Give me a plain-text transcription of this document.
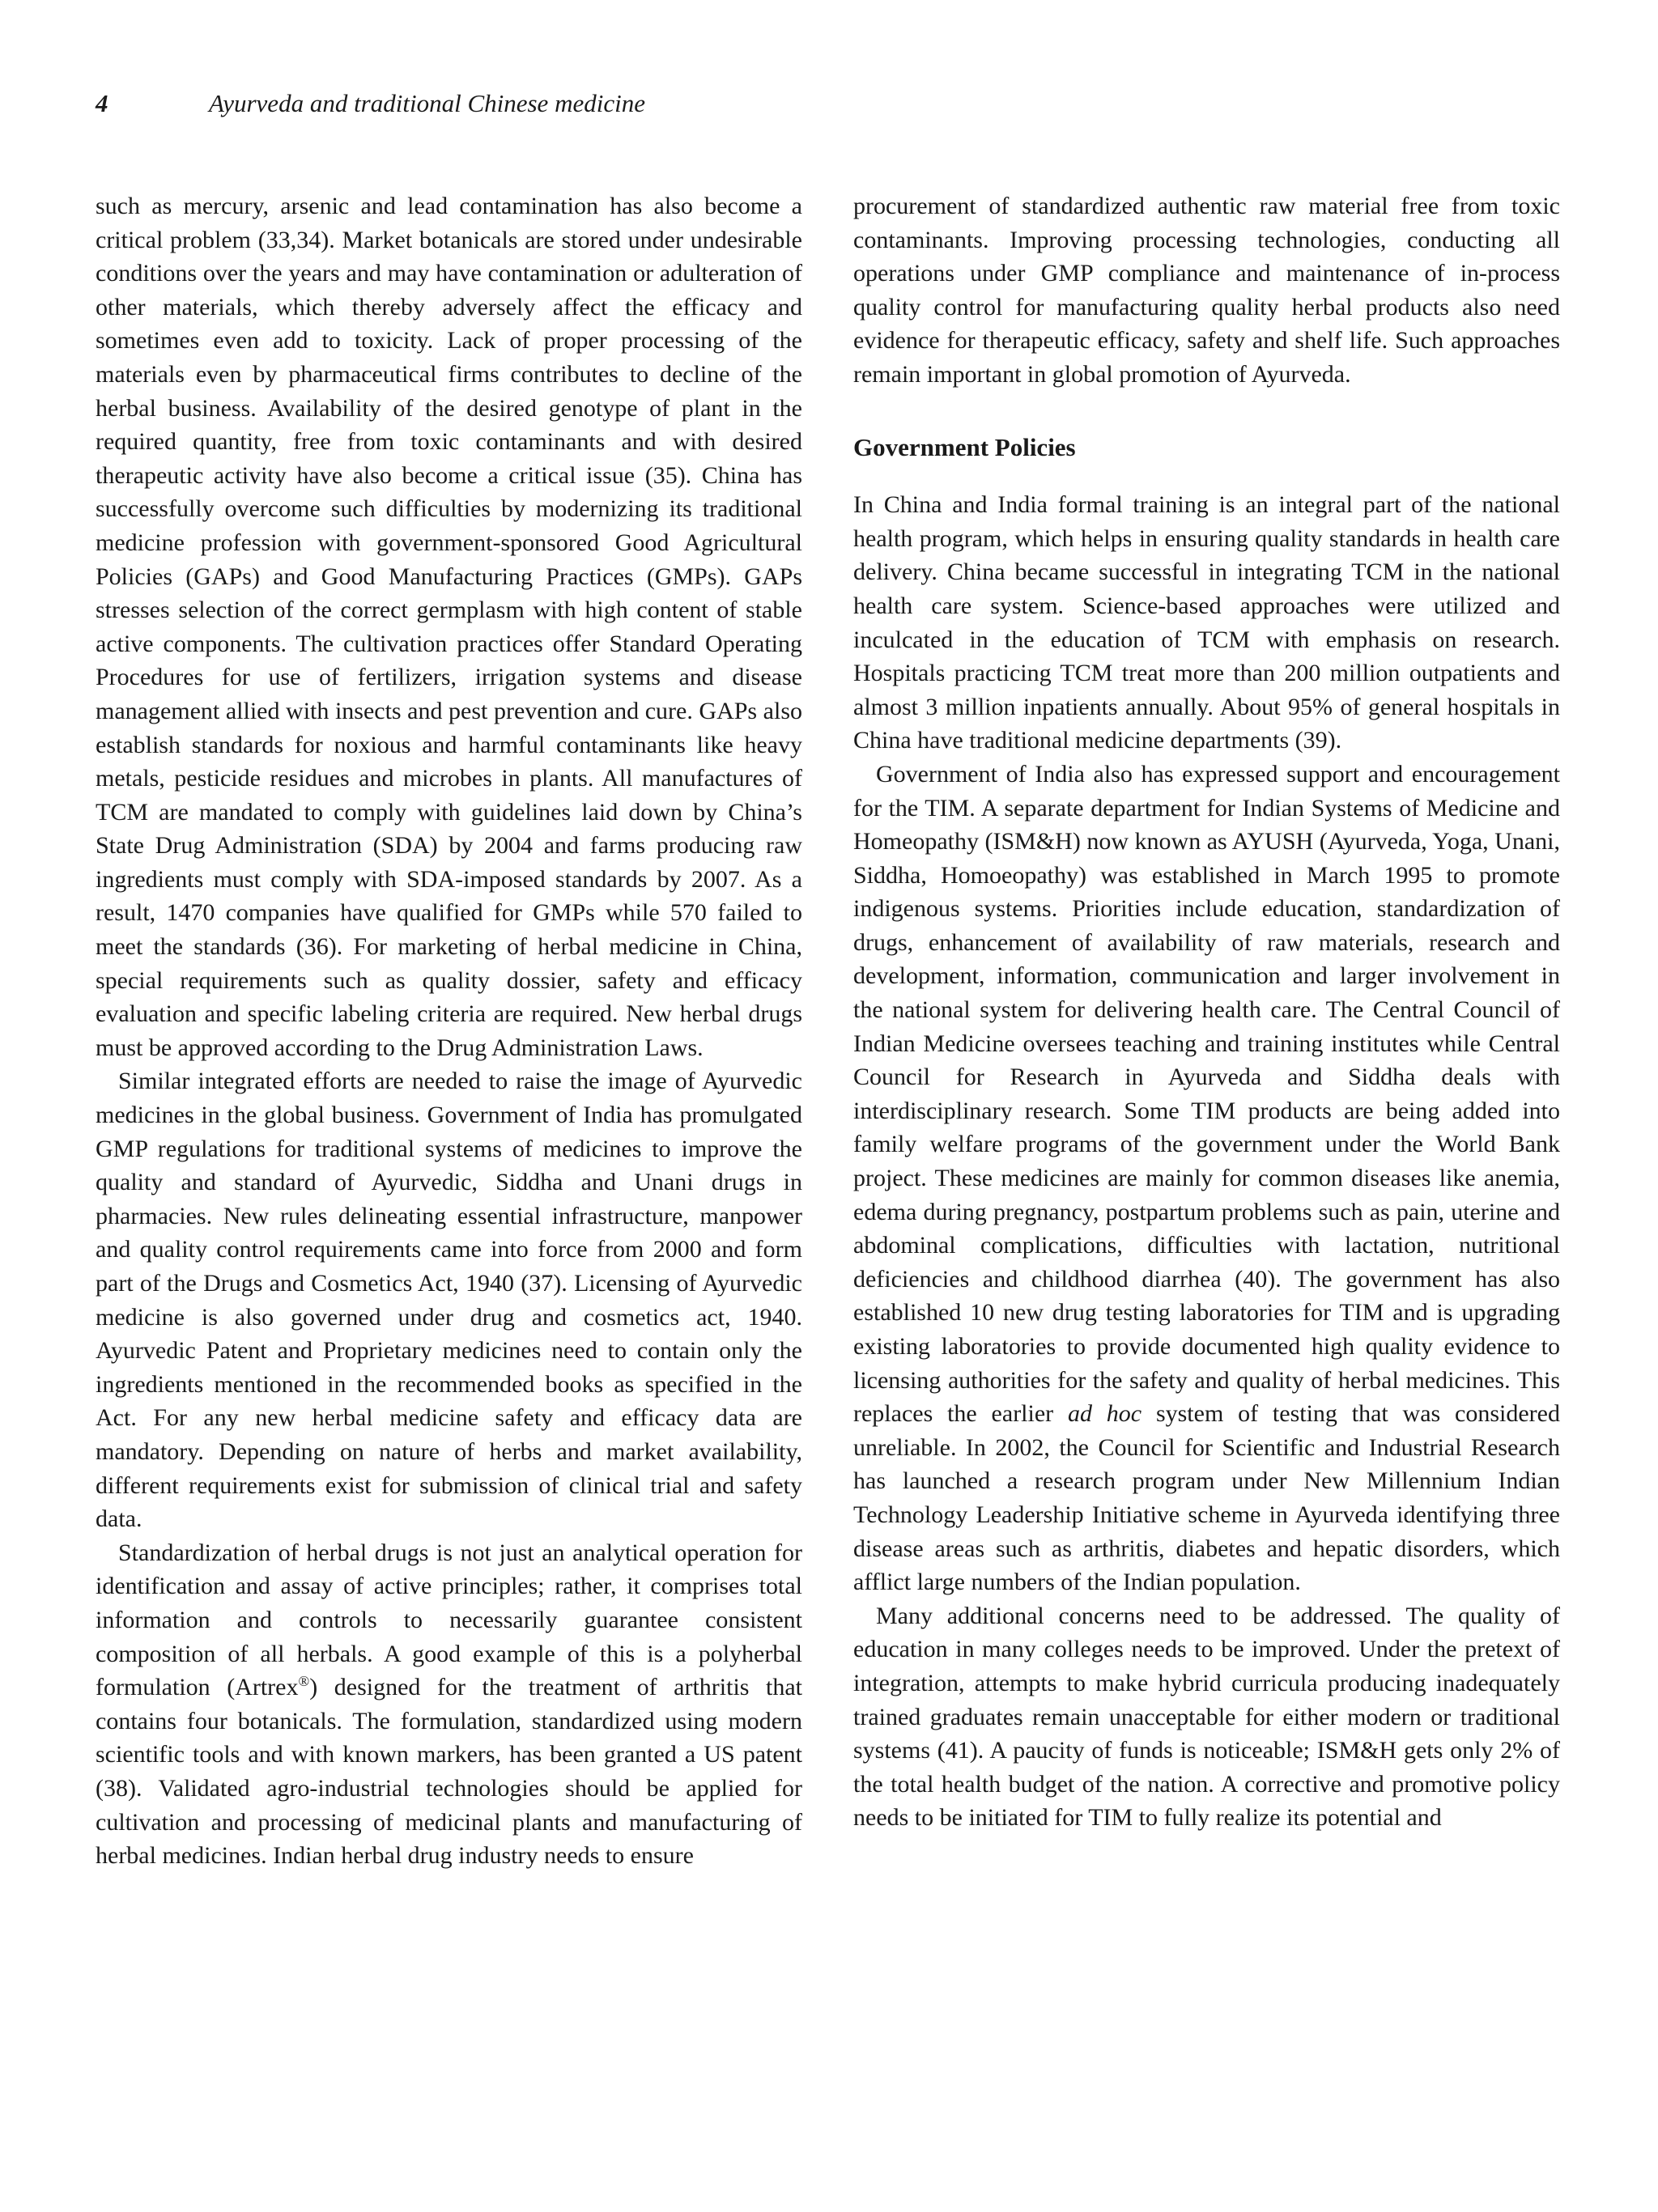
4	Ayurveda and traditional Chinese medicine

such as mercury, arsenic and lead contamination has also become a critical problem (33,34). Market botanicals are stored under undesirable conditions over the years and may have contamination or adulteration of other materials, which thereby adversely affect the efficacy and sometimes even add to toxicity. Lack of proper processing of the materials even by pharmaceutical firms contributes to decline of the herbal business. Availability of the desired genotype of plant in the required quantity, free from toxic contaminants and with desired therapeutic activity have also become a critical issue (35). China has successfully overcome such difficulties by modernizing its traditional medicine profession with government-sponsored Good Agricultural Policies (GAPs) and Good Manufacturing Practices (GMPs). GAPs stresses selection of the correct germplasm with high content of stable active components. The cultivation practices offer Standard Operating Procedures for use of fertilizers, irrigation systems and disease management allied with insects and pest prevention and cure. GAPs also establish standards for noxious and harmful contaminants like heavy metals, pesticide residues and microbes in plants. All manufactures of TCM are mandated to comply with guidelines laid down by China’s State Drug Administration (SDA) by 2004 and farms producing raw ingredients must comply with SDA-imposed standards by 2007. As a result, 1470 companies have qualified for GMPs while 570 failed to meet the standards (36). For marketing of herbal medicine in China, special requirements such as quality dossier, safety and efficacy evaluation and specific labeling criteria are required. New herbal drugs must be approved according to the Drug Administration Laws.

Similar integrated efforts are needed to raise the image of Ayurvedic medicines in the global business. Government of India has promulgated GMP regulations for traditional systems of medicines to improve the quality and standard of Ayurvedic, Siddha and Unani drugs in pharmacies. New rules delineating essential infrastructure, manpower and quality control requirements came into force from 2000 and form part of the Drugs and Cosmetics Act, 1940 (37). Licensing of Ayurvedic medicine is also governed under drug and cosmetics act, 1940. Ayurvedic Patent and Proprietary medicines need to contain only the ingredients mentioned in the recommended books as specified in the Act. For any new herbal medicine safety and efficacy data are mandatory. Depending on nature of herbs and market availability, different requirements exist for submission of clinical trial and safety data.

Standardization of herbal drugs is not just an analytical operation for identification and assay of active principles; rather, it comprises total information and controls to necessarily guarantee consistent composition of all herbals. A good example of this is a polyherbal formulation (Artrex®) designed for the treatment of arthritis that contains four botanicals. The formulation, standardized using modern scientific tools and with known markers, has been granted a US patent (38). Validated agro-industrial technologies should be applied for cultivation and processing of medicinal plants and manufacturing of herbal medicines. Indian herbal drug industry needs to ensure

procurement of standardized authentic raw material free from toxic contaminants. Improving processing technologies, conducting all operations under GMP compliance and maintenance of in-process quality control for manufacturing quality herbal products also need evidence for therapeutic efficacy, safety and shelf life. Such approaches remain important in global promotion of Ayurveda.

Government Policies

In China and India formal training is an integral part of the national health program, which helps in ensuring quality standards in health care delivery. China became successful in integrating TCM in the national health care system. Science-based approaches were utilized and inculcated in the education of TCM with emphasis on research. Hospitals practicing TCM treat more than 200 million outpatients and almost 3 million inpatients annually. About 95% of general hospitals in China have traditional medicine departments (39).

Government of India also has expressed support and encouragement for the TIM. A separate department for Indian Systems of Medicine and Homeopathy (ISM&H) now known as AYUSH (Ayurveda, Yoga, Unani, Siddha, Homoeopathy) was established in March 1995 to promote indigenous systems. Priorities include education, standardization of drugs, enhancement of availability of raw materials, research and development, information, communication and larger involvement in the national system for delivering health care. The Central Council of Indian Medicine oversees teaching and training institutes while Central Council for Research in Ayurveda and Siddha deals with interdisciplinary research. Some TIM products are being added into family welfare programs of the government under the World Bank project. These medicines are mainly for common diseases like anemia, edema during pregnancy, postpartum problems such as pain, uterine and abdominal complications, difficulties with lactation, nutritional deficiencies and childhood diarrhea (40). The government has also established 10 new drug testing laboratories for TIM and is upgrading existing laboratories to provide documented high quality evidence to licensing authorities for the safety and quality of herbal medicines. This replaces the earlier ad hoc system of testing that was considered unreliable. In 2002, the Council for Scientific and Industrial Research has launched a research program under New Millennium Indian Technology Leadership Initiative scheme in Ayurveda identifying three disease areas such as arthritis, diabetes and hepatic disorders, which afflict large numbers of the Indian population.

Many additional concerns need to be addressed. The quality of education in many colleges needs to be improved. Under the pretext of integration, attempts to make hybrid curricula producing inadequately trained graduates remain unacceptable for either modern or traditional systems (41). A paucity of funds is noticeable; ISM&H gets only 2% of the total health budget of the nation. A corrective and promotive policy needs to be initiated for TIM to fully realize its potential and
